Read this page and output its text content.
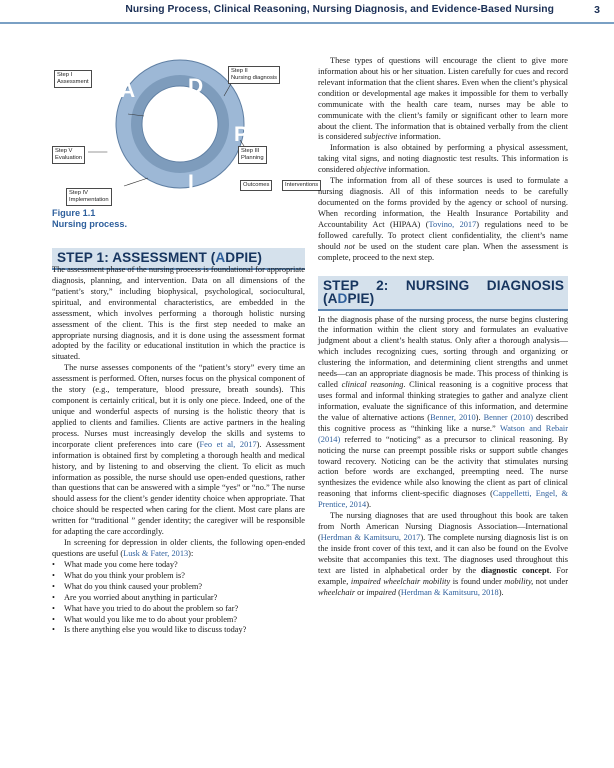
Nursing Process, Clinical Reasoning, Nursing Diagnosis, and Evidence-Based Nursing	3
A	D
P
I
E
Step I
Assessment
Step II
Nursing diagnosis
Step III
Planning
Outcomes	Interventions
Step IV
Implementation
Step V
Evaluation
Figure 1.1
Nursing process.
STEP 1: ASSESSMENT (ADPIE)

The assessment phase of the nursing process is foundational for appropriate diagnosis, planning, and intervention. Data on all dimensions of the “patient’s story,” including biophysical, psychological, sociocultural, spiritual, and environmental characteristics, are embedded in the assessment, which involves performing a thorough holistic nursing assessment of the client. This is the first step needed to make an appropriate nursing diagnosis, and it is done using the assessment format adopted by the facility or educational institution in which the practice is situated.

The nurse assesses components of the “patient’s story” every time an assessment is performed. Often, nurses focus on the physical component of the story (e.g., temperature, blood pressure, breath sounds). This component is certainly critical, but it is only one piece. Indeed, one of the unique and wonderful aspects of nursing is the holistic theory that is applied to clients and families. Clients are active partners in the healing process. Nurses must increasingly develop the skills and systems to incorporate client preferences into care (Feo et al, 2017). Assessment information is obtained first by completing a thorough health and medical history, and by listening to and observing the client. To elicit as much information as possible, the nurse should use open-ended questions, rather than questions that can be answered with a simple “yes” or “no.” The nurse should assess for the client’s gender identity choice when appropriate. That choice should be respected when caring for the client. Most care plans are written for “traditional ” gender identity; the caregiver will be responsible for adapting the care accordingly.

In screening for depression in older clients, the following open-ended questions are useful (Lusk & Fater, 2013):

• What made you come here today?
• What do you think your problem is?
• What do you think caused your problem?
• Are you worried about anything in particular?
• What have you tried to do about the problem so far?
• What would you like me to do about your problem?
• Is there anything else you would like to discuss today?

These types of questions will encourage the client to give more information about his or her situation. Listen carefully for cues and record relevant information that the client shares. Even when the client’s physical condition or developmental age makes it impossible for them to verbally communicate with the health care team, nurses may be able to communicate with the client’s family or significant other to learn more about the client. The information that is obtained verbally from the client is considered subjective information.

Information is also obtained by performing a physical assessment, taking vital signs, and noting diagnostic test results. This information is considered objective information.

The information from all of these sources is used to formulate a nursing diagnosis. All of this information needs to be carefully documented on the forms provided by the agency or school of nursing. When recording information, the Health Insurance Portability and Accountability Act (HIPAA) (Tovino, 2017) regulations need to be followed carefully. To protect client confidentiality, the client’s name should not be used on the student care plan. When the assessment is complete, proceed to the next step.

STEP 2: NURSING DIAGNOSIS (ADPIE)

In the diagnosis phase of the nursing process, the nurse begins clustering the information within the client story and formulates an evaluative judgment about a client’s health status. Only after a thorough analysis—which includes recognizing cues, sorting through and organizing or clustering the information, and determining client strengths and unmet needs—can an appropriate diagnosis be made. This process of thinking is called clinical reasoning. Clinical reasoning is a cognitive process that uses formal and informal thinking strategies to gather and analyze client information, evaluate the significance of this information, and determine the value of alternative actions (Benner, 2010). Benner (2010) described this cognitive process as “thinking like a nurse.” Watson and Rebair (2014) referred to “noticing” as a precursor to clinical reasoning. By noticing the nurse can preempt possible risks or support subtle changes toward recovery. Noticing can be the activity that stimulates nursing action before words are exchanged, preempting need. The nurse synthesizes the evidence while also knowing the client as part of clinical reasoning that informs client-specific diagnoses (Cappelletti, Engel, & Prentice, 2014).

The nursing diagnoses that are used throughout this book are taken from North American Nursing Diagnosis Association—International (Herdman & Kamitsuru, 2017). The complete nursing diagnosis list is on the inside front cover of this text, and it can also be found on the Evolve website that accompanies this text. The diagnoses used throughout this text are listed in alphabetical order by the diagnostic concept. For example, impaired wheelchair mobility is found under mobility, not under wheelchair or impaired (Herdman & Kamitsuru, 2018).
